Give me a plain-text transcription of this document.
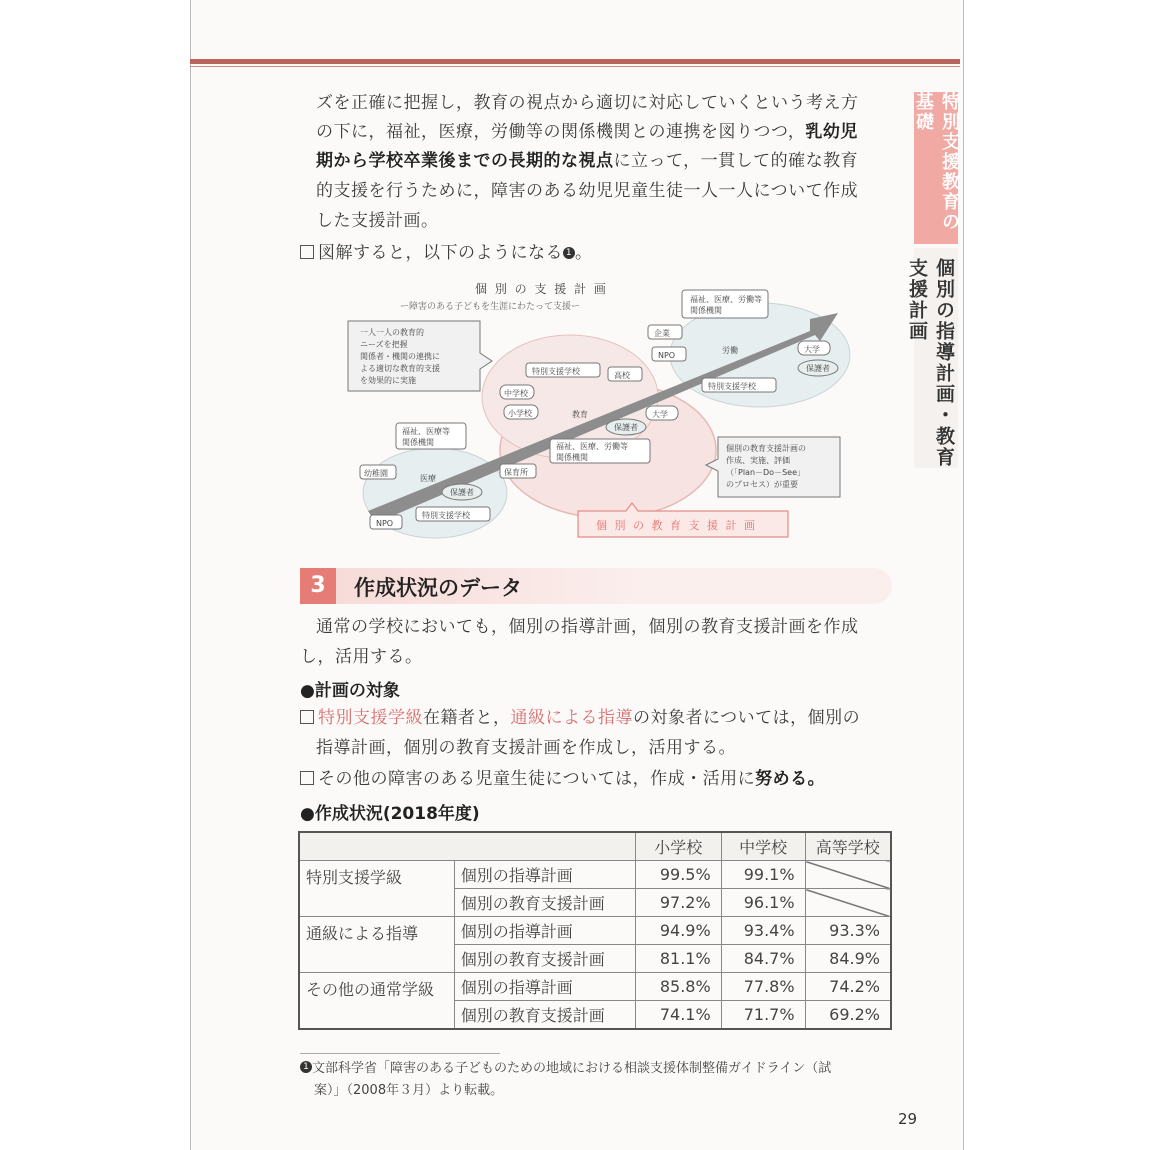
特別支援教育の基礎
個別の指導計画・教育支援計画
ズを正確に把握し，教育の視点から適切に対応していくという考え方
の下に，福祉，医療，労働等の関係機関との連携を図りつつ，乳幼児
期から学校卒業後までの長期的な視点に立って，一貫して的確な教育
的支援を行うために，障害のある幼児児童生徒一人一人について作成
した支援計画。
図解すると，以下のようになる 1 。
個 別 の 支 援 計 画
ー障害のある子どもを生涯にわたって支援ー
一人一人の教育的
ニーズを把握
関係者・機関の連携に
よる適切な教育的支援
を効果的に実施
個別の教育支援計画の
作成、実施、評価
（「Plan－Do－See」
のプロセス）が重要
個 別 の 教 育 支 援 計 画
福祉、医療、労働等
関係機関
企業
NPO
労働	大学
保護者
特別支援学校
特別支援学校	高校
中学校
小学校	教育	大学
保護者
福祉、医療、労働等
関係機関
福祉、医療等
関係機関
幼稚園
医療
保育所
保護者
NPO
特別支援学校
3	作成状況のデータ
通常の学校においても，個別の指導計画，個別の教育支援計画を作成
し，活用する。
●計画の対象
特別支援学級在籍者と，通級による指導の対象者については，個別の
指導計画，個別の教育支援計画を作成し，活用する。
その他の障害のある児童生徒については，作成・活用に努める。
●作成状況(2018年度)
		小学校	中学校	高等学校
特別支援学級	個別の指導計画	99.5%	99.1%	
	個別の教育支援計画	97.2%	96.1%	
通級による指導	個別の指導計画	94.9%	93.4%	93.3%
	個別の教育支援計画	81.1%	84.7%	84.9%
その他の通常学級	個別の指導計画	85.8%	77.8%	74.2%
	個別の教育支援計画	74.1%	71.7%	69.2%
1 文部科学省「障害のある子どものための地域における相談支援体制整備ガイドライン（試
案）」（2008年３月）より転載。
29
